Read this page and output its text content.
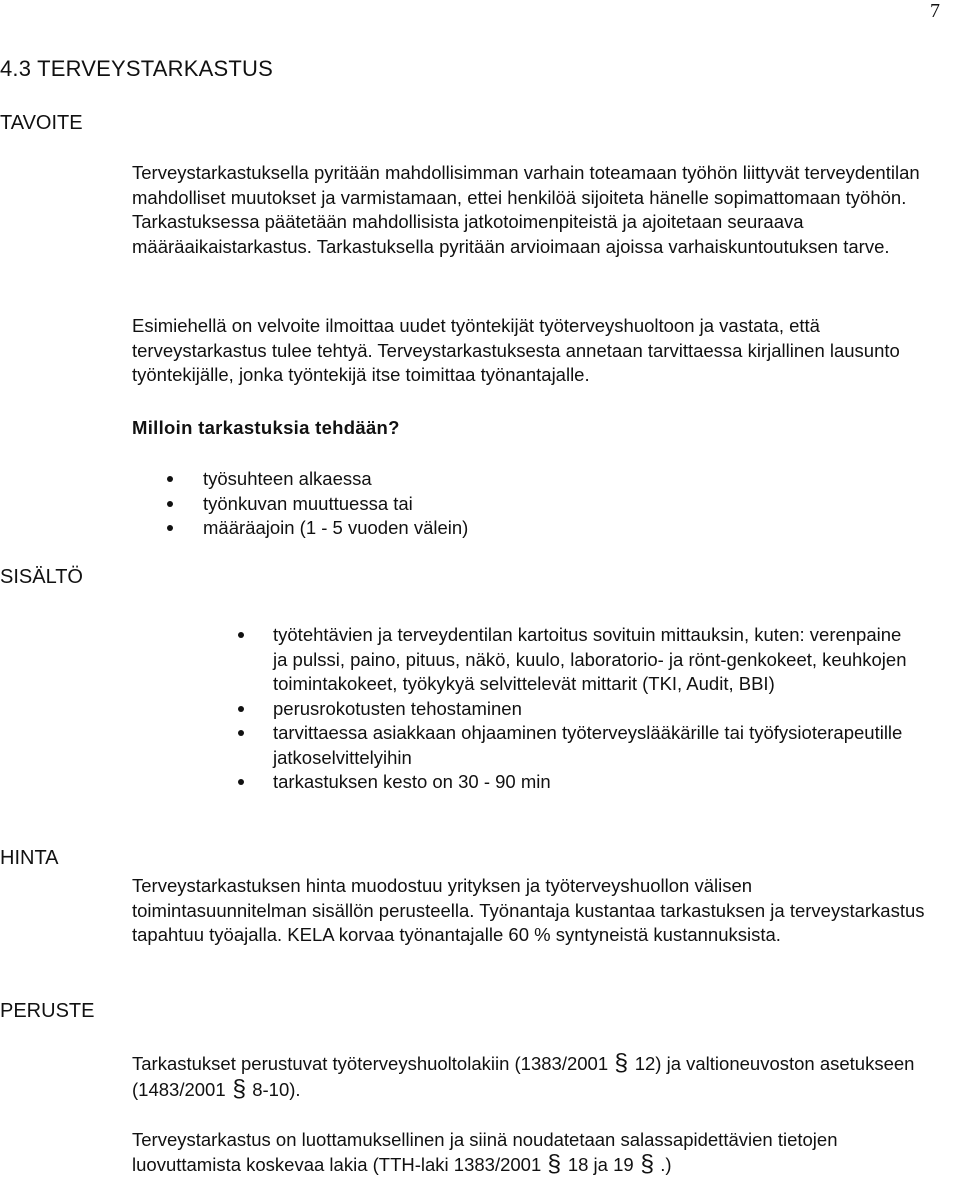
7
4.3 TERVEYSTARKASTUS
TAVOITE

Terveystarkastuksella pyritään mahdollisimman varhain toteamaan työhön liittyvät terveydentilan mahdolliset muutokset ja varmistamaan, ettei henkilöä sijoiteta hänelle sopimattomaan työhön. Tarkastuksessa päätetään mahdollisista jatkotoimenpiteistä ja ajoitetaan seuraava määräaikaistarkastus. Tarkastuksella pyritään arvioimaan ajoissa varhaiskuntoutuksen tarve.

Esimiehellä on velvoite ilmoittaa uudet työntekijät työterveyshuoltoon ja vastata, että terveystarkastus tulee tehtyä. Terveystarkastuksesta annetaan tarvittaessa kirjallinen lausunto työntekijälle, jonka työntekijä itse toimittaa työnantajalle.

Milloin tarkastuksia tehdään?
työsuhteen alkaessa
työnkuvan muuttuessa tai
määräajoin (1 - 5 vuoden välein)
SISÄLTÖ
työtehtävien ja terveydentilan kartoitus sovituin mittauksin, kuten: verenpaine ja pulssi, paino, pituus, näkö, kuulo, laboratorio- ja rönt-genkokeet, keuhkojen toimintakokeet, työkykyä selvittelevät mittarit (TKI, Audit, BBI)
perusrokotusten tehostaminen
tarvittaessa asiakkaan ohjaaminen työterveyslääkärille tai työfysioterapeutille jatkoselvittelyihin
tarkastuksen kesto on 30 - 90 min
HINTA

Terveystarkastuksen hinta muodostuu yrityksen ja työterveyshuollon välisen toimintasuunnitelman sisällön perusteella. Työnantaja kustantaa tarkastuksen ja terveystarkastus tapahtuu työajalla. KELA korvaa työnantajalle 60 % syntyneistä kustannuksista.

PERUSTE

Tarkastukset perustuvat työterveyshuoltolakiin (1383/2001 § 12) ja valtioneuvoston asetukseen (1483/2001 § 8-10).

Terveystarkastus on luottamuksellinen ja siinä noudatetaan salassapidettävien tietojen luovuttamista koskevaa lakia (TTH-laki 1383/2001 § 18 ja 19 § .)
